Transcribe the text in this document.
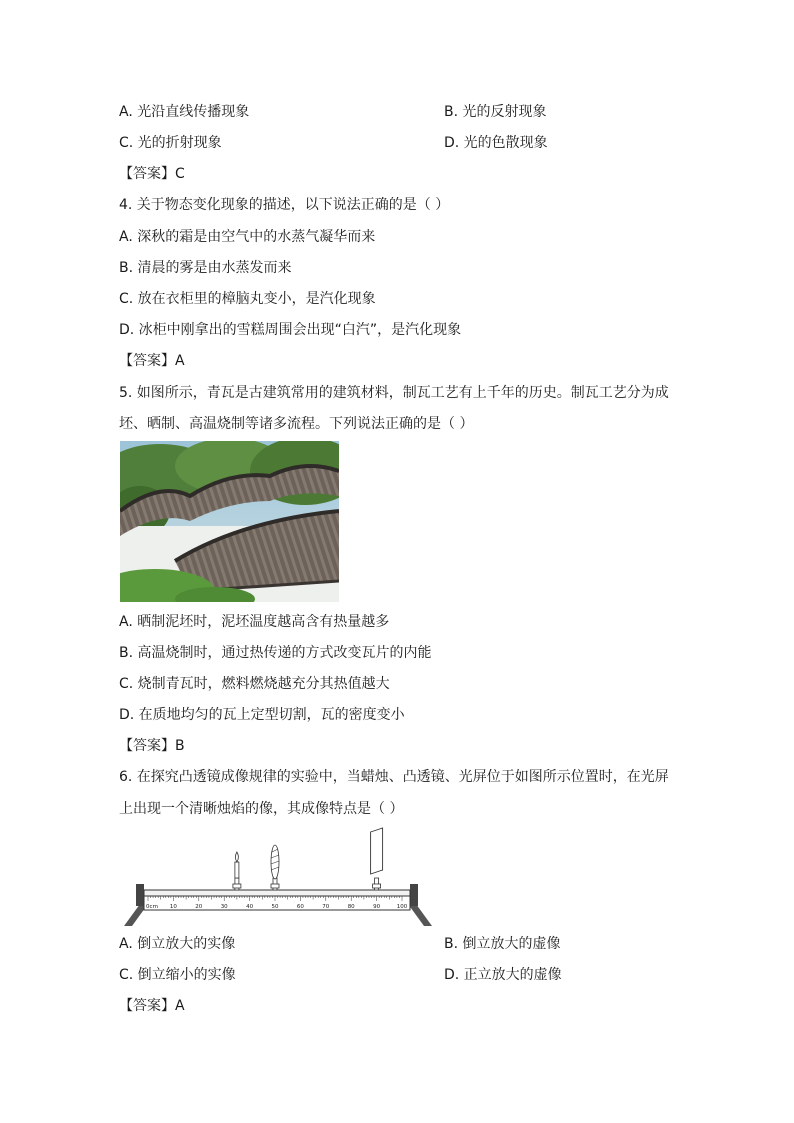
A. 光沿直线传播现象	B. 光的反射现象
C. 光的折射现象	D. 光的色散现象
【答案】C
4. 关于物态变化现象的描述，以下说法正确的是（ ）
A. 深秋的霜是由空气中的水蒸气凝华而来
B. 清晨的雾是由水蒸发而来
C. 放在衣柜里的樟脑丸变小，是汽化现象
D. 冰柜中刚拿出的雪糕周围会出现“白汽”，是汽化现象
【答案】A
5. 如图所示，青瓦是古建筑常用的建筑材料，制瓦工艺有上千年的历史。制瓦工艺分为成
坯、晒制、高温烧制等诸多流程。下列说法正确的是（ ）
A. 晒制泥坯时，泥坯温度越高含有热量越多
B. 高温烧制时，通过热传递的方式改变瓦片的内能
C. 烧制青瓦时，燃料燃烧越充分其热值越大
D. 在质地均匀的瓦上定型切割，瓦的密度变小
【答案】B
6. 在探究凸透镜成像规律的实验中，当蜡烛、凸透镜、光屏位于如图所示位置时，在光屏
上出现一个清晰烛焰的像，其成像特点是（ ）
0cm 10	20	30	40	50	60	70	80	90	100
A. 倒立放大的实像	B. 倒立放大的虚像
C. 倒立缩小的实像	D. 正立放大的虚像
【答案】A
